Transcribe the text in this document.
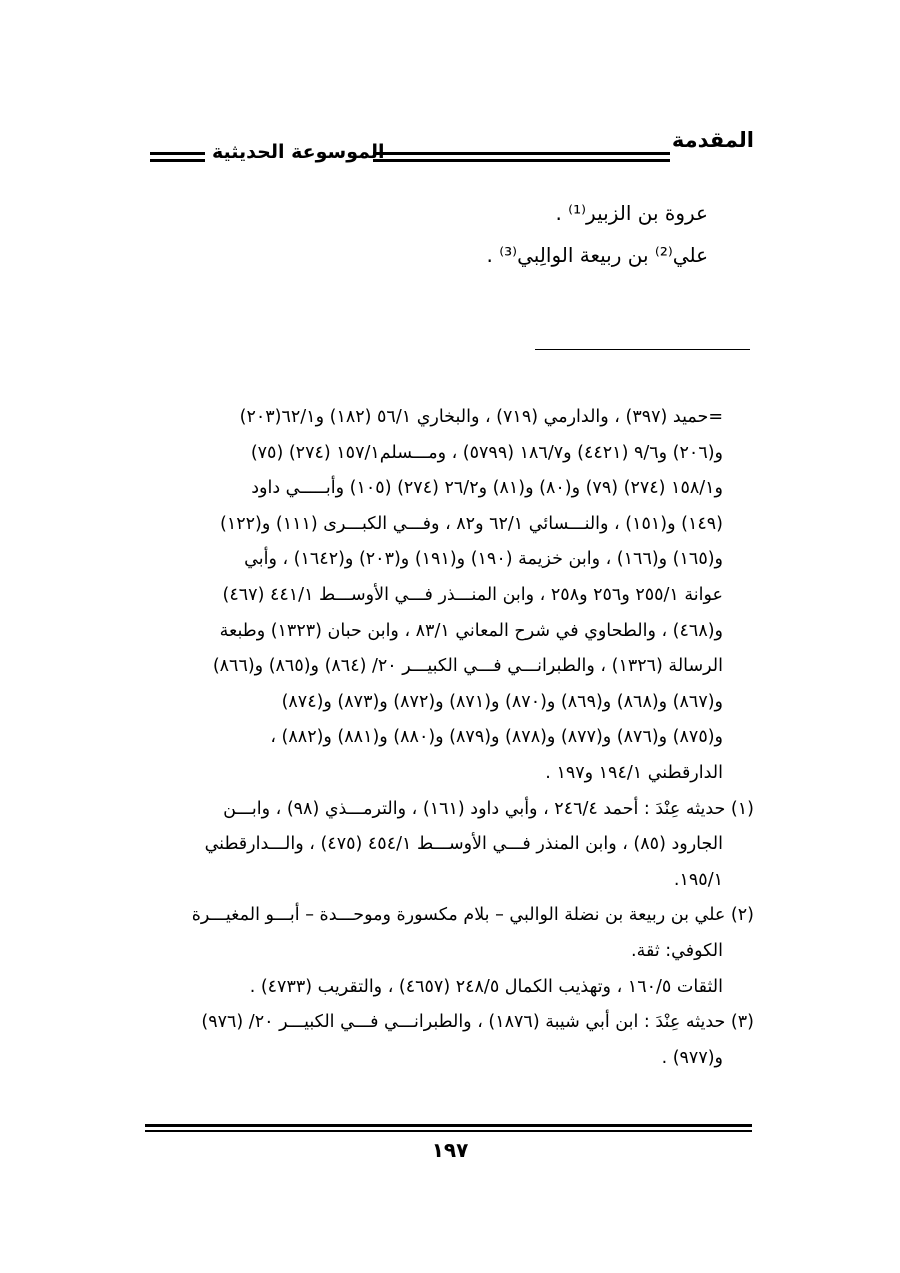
المقدمة
الموسوعة الحديثية

عروة بن الزبير⁽¹⁾ .

علي⁽²⁾ بن ربيعة الوالِبي⁽³⁾ .

=حميد (٣٩٧) ، والدارمي (٧١٩) ، والبخاري ٥٦/١ (١٨٢) و٦٢/١(٢٠٣)

و(٢٠٦) و٩/٦ (٤٤٢١) و١٨٦/٧ (٥٧٩٩) ، ومـــسلم١٥٧/١ (٢٧٤) (٧٥)

و١٥٨/١ (٢٧٤) (٧٩) و(٨٠) و(٨١) و٢٦/٢ (٢٧٤) (١٠٥) وأبـــــي داود

(١٤٩) و(١٥١) ، والنـــسائي ٦٢/١ و٨٢ ، وفـــي الكبـــرى (١١١) و(١٢٢)

و(١٦٥) و(١٦٦) ، وابن خزيمة (١٩٠) و(١٩١) و(٢٠٣) و(١٦٤٢) ، وأبي

عوانة ٢٥٥/١ و٢٥٦ و٢٥٨ ، وابن المنـــذر فـــي الأوســـط ٤٤١/١ (٤٦٧)

و(٤٦٨) ، والطحاوي في شرح المعاني ٨٣/١ ، وابن حبان (١٣٢٣) وطبعة

الرسالة (١٣٢٦) ، والطبرانـــي فـــي الكبيـــر ٢٠/ (٨٦٤) و(٨٦٥) و(٨٦٦)

و(٨٦٧) و(٨٦٨) و(٨٦٩) و(٨٧٠) و(٨٧١) و(٨٧٢) و(٨٧٣) و(٨٧٤)

و(٨٧٥) و(٨٧٦) و(٨٧٧) و(٨٧٨) و(٨٧٩) و(٨٨٠) و(٨٨١) و(٨٨٢) ،

الدارقطني ١٩٤/١ و١٩٧ .

(١) حديثه عِنْدَ : أحمد ٢٤٦/٤ ، وأبي داود (١٦١) ، والترمـــذي (٩٨) ، وابـــن

الجارود (٨٥) ، وابن المنذر فـــي الأوســـط ٤٥٤/١ (٤٧٥) ، والـــدارقطني

١٩٥/١.

(٢) علي بن ربيعة بن نضلة الوالبي – بلام مكسورة وموحـــدة – أبـــو المغيـــرة

الكوفي: ثقة.

الثقات ١٦٠/٥ ، وتهذيب الكمال ٢٤٨/٥ (٤٦٥٧) ، والتقريب (٤٧٣٣) .

(٣) حديثه عِنْدَ : ابن أبي شيبة (١٨٧٦) ، والطبرانـــي فـــي الكبيـــر ٢٠/ (٩٧٦)

و(٩٧٧) .

١٩٧
